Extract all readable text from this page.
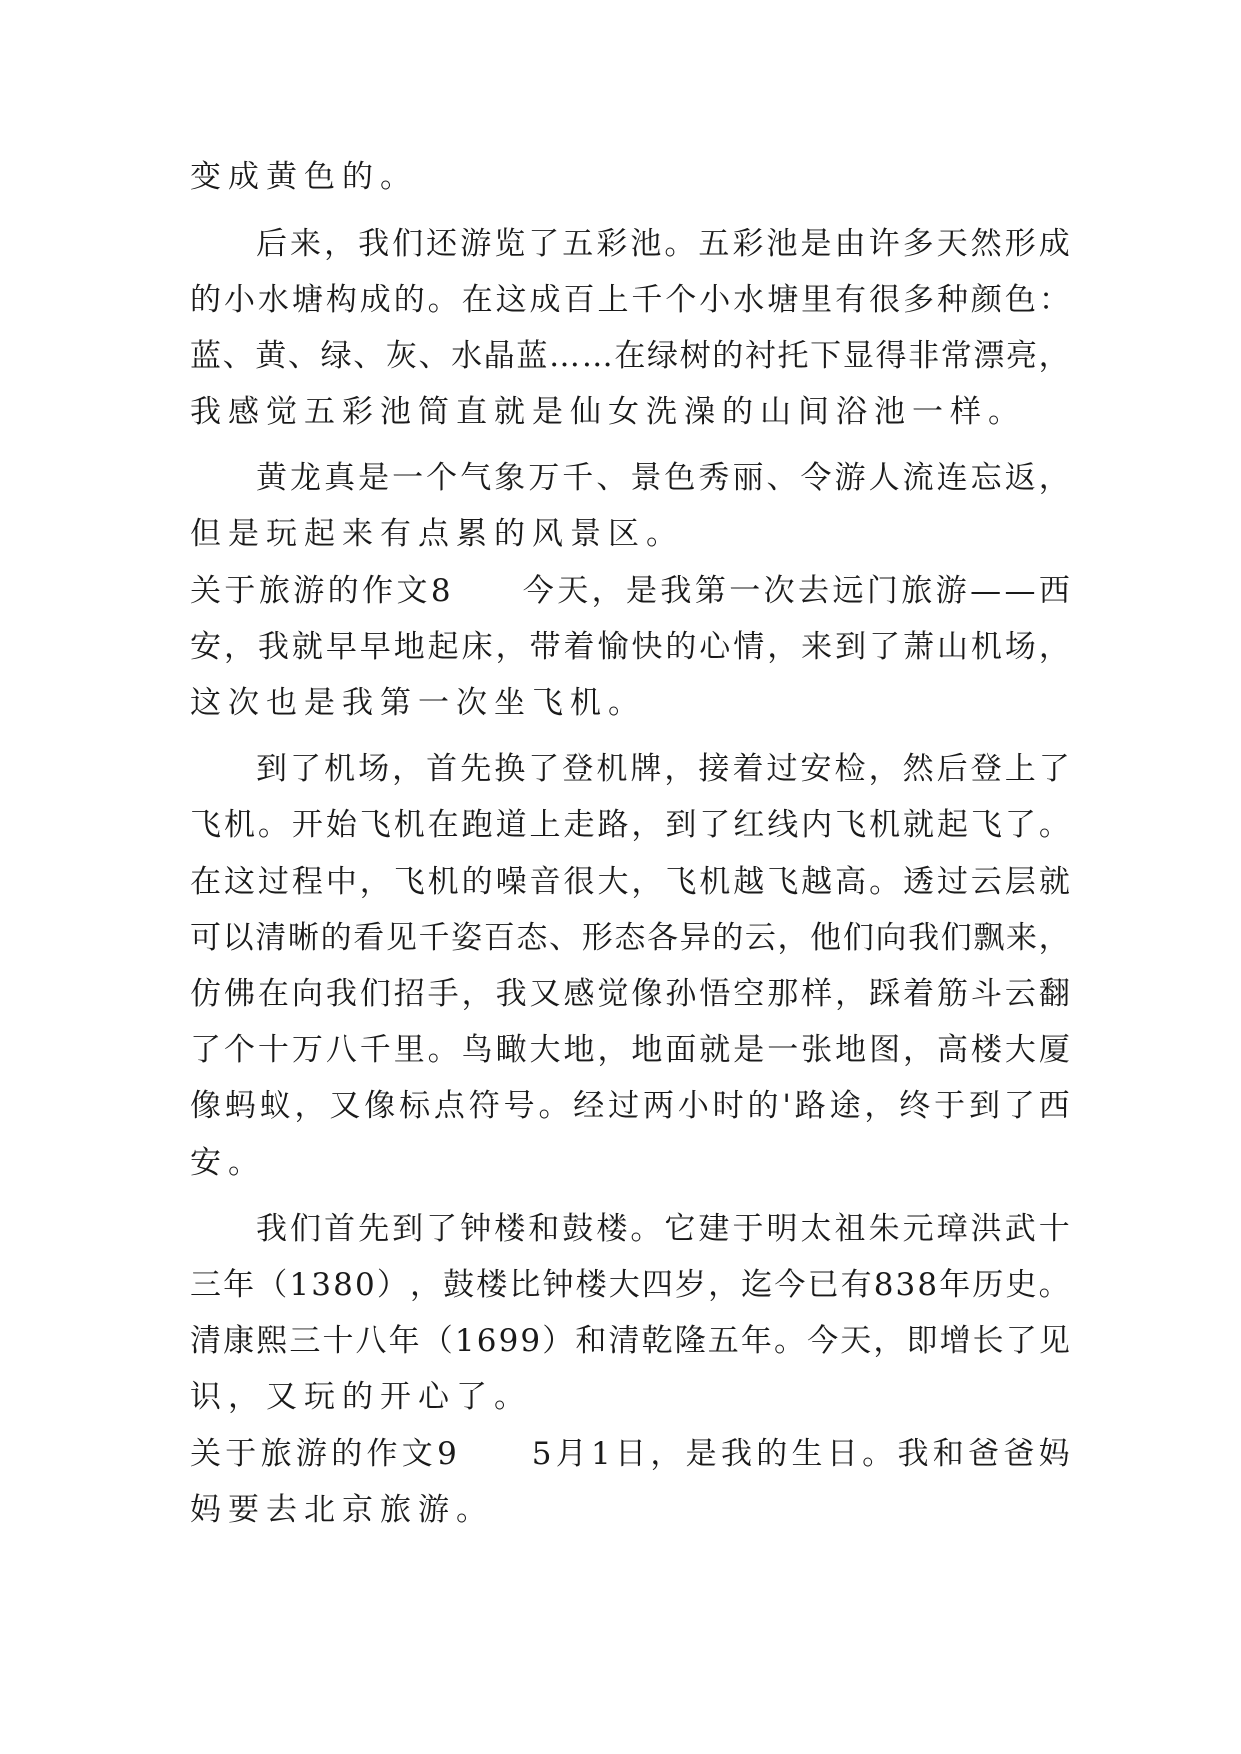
变成黄色的。
后 来 ， 我 们 还 游 览 了 五 彩 池 。 五 彩 池 是 由 许 多 天 然 形 成
的 小 水 塘 构 成 的 。 在 这 成 百 上 千 个 小 水 塘 里 有 很 多 种 颜 色 ：
蓝 、 黄 、 绿 、 灰 、 水 晶 蓝 … … 在 绿 树 的 衬 托 下 显 得 非 常 漂 亮 ，
我感觉五彩池简直就是仙女洗澡的山间浴池一样。
黄 龙 真 是 一 个 气 象 万 千 、 景 色 秀 丽 、 令 游 人 流 连 忘 返 ，
但是玩起来有点累的风景区。
关 于 旅 游 的 作 文 8

　 今 天 ， 是 我 第 一 次 去 远 门 旅 游 — — 西
安 ， 我 就 早 早 地 起 床 ， 带 着 愉 快 的 心 情 ， 来 到 了 萧 山 机 场 ，
这次也是我第一次坐飞机。
到 了 机 场 ， 首 先 换 了 登 机 牌 ， 接 着 过 安 检 ， 然 后 登 上 了
飞 机 。 开 始 飞 机 在 跑 道 上 走 路 ， 到 了 红 线 内 飞 机 就 起 飞 了 。
在 这 过 程 中 ， 飞 机 的 噪 音 很 大 ， 飞 机 越 飞 越 高 。 透 过 云 层 就
可 以 清 晰 的 看 见 千 姿 百 态 、 形 态 各 异 的 云 ， 他 们 向 我 们 飘 来 ，
仿 佛 在 向 我 们 招 手 ， 我 又 感 觉 像 孙 悟 空 那 样 ， 踩 着 筋 斗 云 翻
了 个 十 万 八 千 里 。 鸟 瞰 大 地 ， 地 面 就 是 一 张 地 图 ， 高 楼 大 厦
像 蚂 蚁 ， 又 像 标 点 符 号 。 经 过 两 小 时 的 ' 路 途 ， 终 于 到 了 西
安。
我 们 首 先 到 了 钟 楼 和 鼓 楼 。 它 建 于 明 太 祖 朱 元 璋 洪 武 十
三 年 （ 1 3 8 0 ） ， 鼓 楼 比 钟 楼 大 四 岁 ， 迄 今 已 有 8 3 8 年 历 史 。
清 康 熙 三 十 八 年 （ 1 6 9 9 ） 和 清 乾 隆 五 年 。 今 天 ， 即 增 长 了 见
识，又玩的开心了。
关 于 旅 游 的 作 文 9

　 5 月 1 日 ， 是 我 的 生 日 。 我 和 爸 爸 妈
妈要去北京旅游。
